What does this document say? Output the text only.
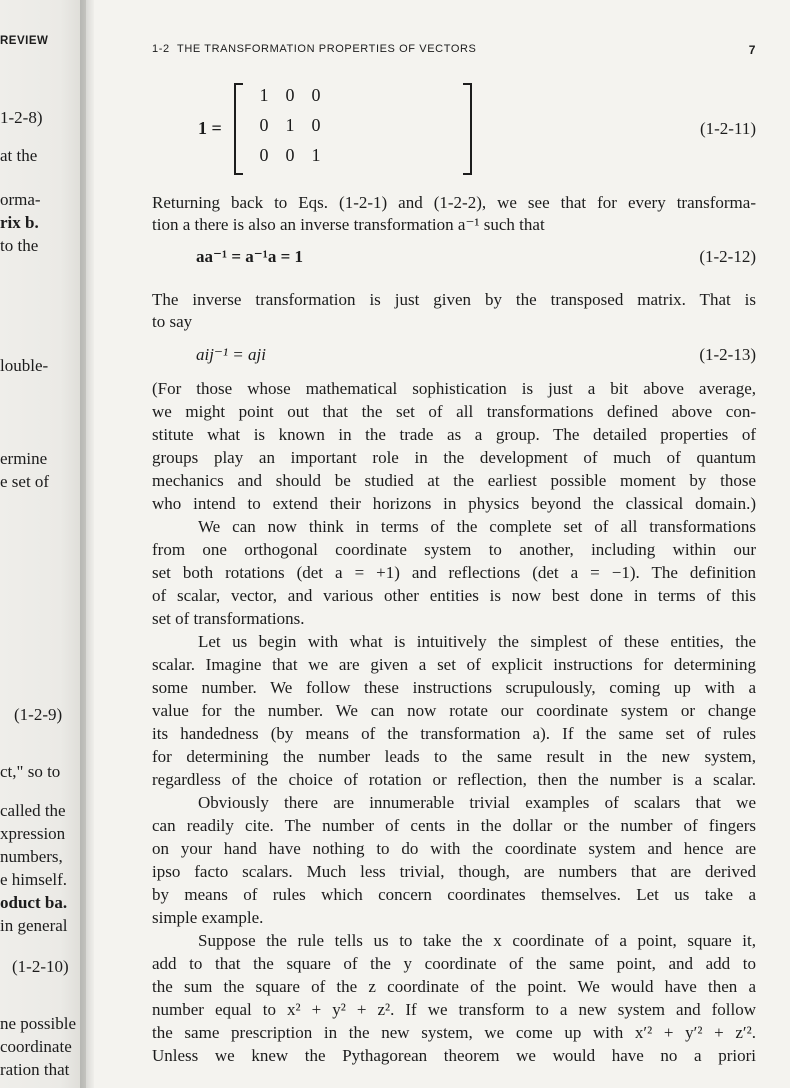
REVIEW
1-2-8)
at the
orma-
rix b.
to the
louble-
ermine
e set of
(1-2-9)
ct," so to
called the
xpression
numbers,
e himself.
oduct ba.
in general
(1-2-10)
ne possible
coordinate
ration that
1-2 THE TRANSFORMATION PROPERTIES OF VECTORS	7
1 =
1 0 0
0 1 0
0 0 1
(1-2-11)
Returning back to Eqs. (1-2-1) and (1-2-2), we see that for every transforma-
tion a there is also an inverse transformation a⁻¹ such that
aa⁻¹ = a⁻¹a = 1	(1-2-12)
The inverse transformation is just given by the transposed matrix. That is
to say
aij⁻¹ = aji	(1-2-13)
(For those whose mathematical sophistication is just a bit above average,
we might point out that the set of all transformations defined above con-
stitute what is known in the trade as a group. The detailed properties of
groups play an important role in the development of much of quantum
mechanics and should be studied at the earliest possible moment by those
who intend to extend their horizons in physics beyond the classical domain.)
We can now think in terms of the complete set of all transformations
from one orthogonal coordinate system to another, including within our
set both rotations (det a = +1) and reflections (det a = −1). The definition
of scalar, vector, and various other entities is now best done in terms of this
set of transformations.
Let us begin with what is intuitively the simplest of these entities, the
scalar. Imagine that we are given a set of explicit instructions for determining
some number. We follow these instructions scrupulously, coming up with a
value for the number. We can now rotate our coordinate system or change
its handedness (by means of the transformation a). If the same set of rules
for determining the number leads to the same result in the new system,
regardless of the choice of rotation or reflection, then the number is a scalar.
Obviously there are innumerable trivial examples of scalars that we
can readily cite. The number of cents in the dollar or the number of fingers
on your hand have nothing to do with the coordinate system and hence are
ipso facto scalars. Much less trivial, though, are numbers that are derived
by means of rules which concern coordinates themselves. Let us take a
simple example.
Suppose the rule tells us to take the x coordinate of a point, square it,
add to that the square of the y coordinate of the same point, and add to
the sum the square of the z coordinate of the point. We would have then a
number equal to x² + y² + z². If we transform to a new system and follow
the same prescription in the new system, we come up with x′² + y′² + z′².
Unless we knew the Pythagorean theorem we would have no a priori
